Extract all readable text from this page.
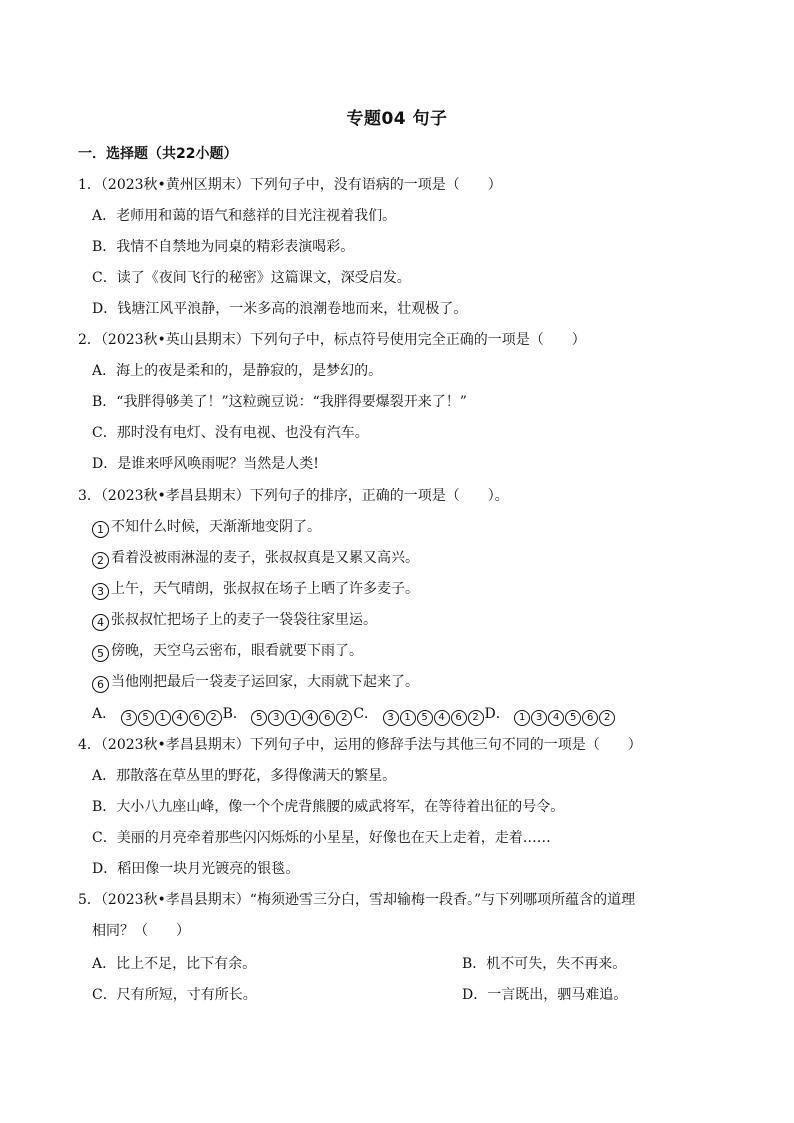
专题04 句子
一．选择题（共22小题）
1．（2023秋•黄州区期末）下列句子中，没有语病的一项是（　　）
A．老师用和蔼的语气和慈祥的目光注视着我们。
B．我情不自禁地为同桌的精彩表演喝彩。
C．读了《夜间飞行的秘密》这篇课文，深受启发。
D．钱塘江风平浪静，一米多高的浪潮卷地而来，壮观极了。
2．（2023秋•英山县期末）下列句子中，标点符号使用完全正确的一项是（　　）
A．海上的夜是柔和的，是静寂的，是梦幻的。
B．“我胖得够美了！”这粒豌豆说：“我胖得要爆裂开来了！”
C．那时没有电灯、没有电视、也没有汽车。
D．是谁来呼风唤雨呢？当然是人类!
3．（2023秋•孝昌县期末）下列句子的排序，正确的一项是（　　）。
1 不知什么时候，天渐渐地变阴了。
2 看着没被雨淋湿的麦子，张叔叔真是又累又高兴。
3 上午，天气晴朗，张叔叔在场子上晒了许多麦子。
4 张叔叔忙把场子上的麦子一袋袋往家里运。
5 傍晚，天空乌云密布，眼看就要下雨了。
6 当他刚把最后一袋麦子运回家，大雨就下起来了。
A． 3 5 1 4 6 2 B． 5 3 1 4 6 2 C． 3 1 5 4 6 2 D． 1 3 4 5 6 2
4．（2023秋•孝昌县期末）下列句子中，运用的修辞手法与其他三句不同的一项是（　　）
A．那散落在草丛里的野花，多得像满天的繁星。
B．大小八九座山峰，像一个个虎背熊腰的威武将军，在等待着出征的号令。
C．美丽的月亮牵着那些闪闪烁烁的小星星，好像也在天上走着，走着……
D．稻田像一块月光镀亮的银毯。
5．（2023秋•孝昌县期末）“梅须逊雪三分白，雪却输梅一段香。”与下列哪项所蕴含的道理
相同？（　　）
A．比上不足，比下有余。	B．机不可失，失不再来。
C．尺有所短，寸有所长。	D．一言既出，驷马难追。
